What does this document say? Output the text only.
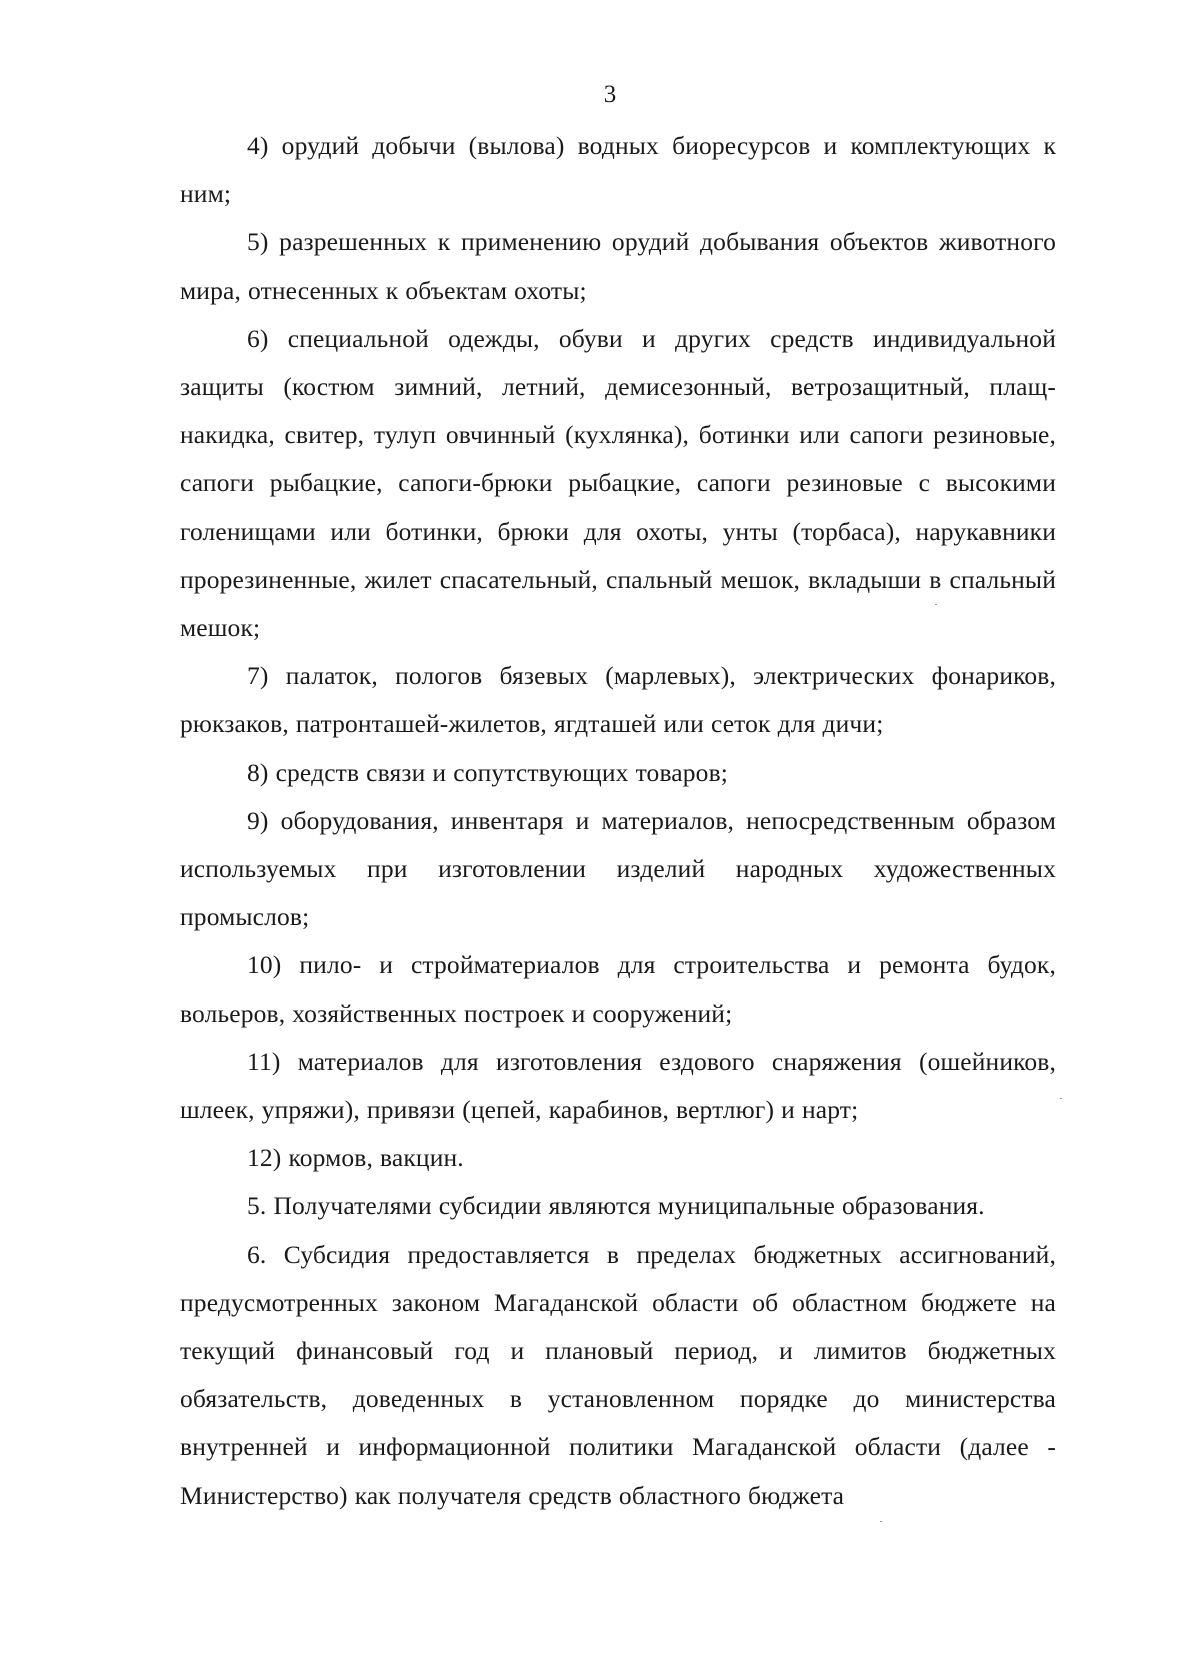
3

4) орудий добычи (вылова) водных биоресурсов и комплектующих к ним;

5) разрешенных к применению орудий добывания объектов животного мира, отнесенных к объектам охоты;

6) специальной одежды, обуви и других средств индивидуальной защиты (костюм зимний, летний, демисезонный, ветрозащитный, плащ-накидка, свитер, тулуп овчинный (кухлянка), ботинки или сапоги резиновые, сапоги рыбацкие, сапоги-брюки рыбацкие, сапоги резиновые с высокими голенищами или ботинки, брюки для охоты, унты (торбаса), нарукавники прорезиненные, жилет спасательный, спальный мешок, вкладыши в спальный мешок;

7) палаток, пологов бязевых (марлевых), электрических фонариков, рюкзаков, патронташей-жилетов, ягдташей или сеток для дичи;

8) средств связи и сопутствующих товаров;

9) оборудования, инвентаря и материалов, непосредственным образом используемых при изготовлении изделий народных художественных промыслов;

10) пило- и стройматериалов для строительства и ремонта будок, вольеров, хозяйственных построек и сооружений;

11) материалов для изготовления ездового снаряжения (ошейников, шлеек, упряжи), привязи (цепей, карабинов, вертлюг) и нарт;

12) кормов, вакцин.

5. Получателями субсидии являются муниципальные образования.

6. Субсидия предоставляется в пределах бюджетных ассигнований, предусмотренных законом Магаданской области об областном бюджете на текущий финансовый год и плановый период, и лимитов бюджетных обязательств, доведенных в установленном порядке до министерства внутренней и информационной политики Магаданской области (далее - Министерство) как получателя средств областного бюджета
